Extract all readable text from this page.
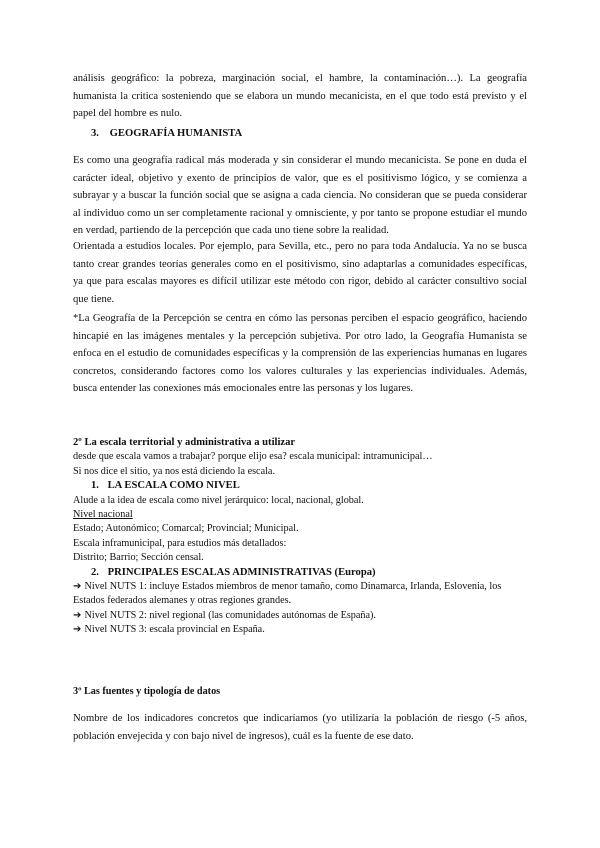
análisis geográfico: la pobreza, marginación social, el hambre, la contaminación…). La geografía humanista la critica sosteniendo que se elabora un mundo mecanicista, en el que todo está previsto y el papel del hombre es nulo.

3. GEOGRAFÍA HUMANISTA

Es como una geografía radical más moderada y sin considerar el mundo mecanicista. Se pone en duda el carácter ideal, objetivo y exento de principios de valor, que es el positivismo lógico, y se comienza a subrayar y a buscar la función social que se asigna a cada ciencia. No consideran que se pueda considerar al individuo como un ser completamente racional y omnisciente, y por tanto se propone estudiar el mundo en verdad, partiendo de la percepción que cada uno tiene sobre la realidad.

Orientada a estudios locales. Por ejemplo, para Sevilla, etc., pero no para toda Andalucía. Ya no se busca tanto crear grandes teorías generales como en el positivismo, sino adaptarlas a comunidades específicas, ya que para escalas mayores es difícil utilizar este método con rigor, debido al carácter consultivo social que tiene.

*La Geografía de la Percepción se centra en cómo las personas perciben el espacio geográfico, haciendo hincapié en las imágenes mentales y la percepción subjetiva. Por otro lado, la Geografía Humanista se enfoca en el estudio de comunidades específicas y la comprensión de las experiencias humanas en lugares concretos, considerando factores como los valores culturales y las experiencias individuales. Además, busca entender las conexiones más emocionales entre las personas y los lugares.

2º La escala territorial y administrativa a utilizar

desde que escala vamos a trabajar? porque elijo esa? escala municipal: intramunicipal…

Si nos dice el sitio, ya nos está diciendo la escala.

1. LA ESCALA COMO NIVEL

Alude a la idea de escala como nivel jerárquico: local, nacional, global.

Nivel nacional

Estado; Autonómico; Comarcal; Provincial; Municipal.

Escala inframunicipal, para estudios más detallados:

Distrito; Barrio; Sección censal.

2. PRINCIPALES ESCALAS ADMINISTRATIVAS (Europa)

➔ Nivel NUTS 1: incluye Estados miembros de menor tamaño, como Dinamarca, Irlanda, Eslovenia, los Estados federados alemanes y otras regiones grandes.

➔ Nivel NUTS 2: nivel regional (las comunidades autónomas de España).

➔ Nivel NUTS 3: escala provincial en España.

3º Las fuentes y tipología de datos

Nombre de los indicadores concretos que indicaríamos (yo utilizaría la población de riesgo (-5 años, población envejecida y con bajo nivel de ingresos), cuál es la fuente de ese dato.
